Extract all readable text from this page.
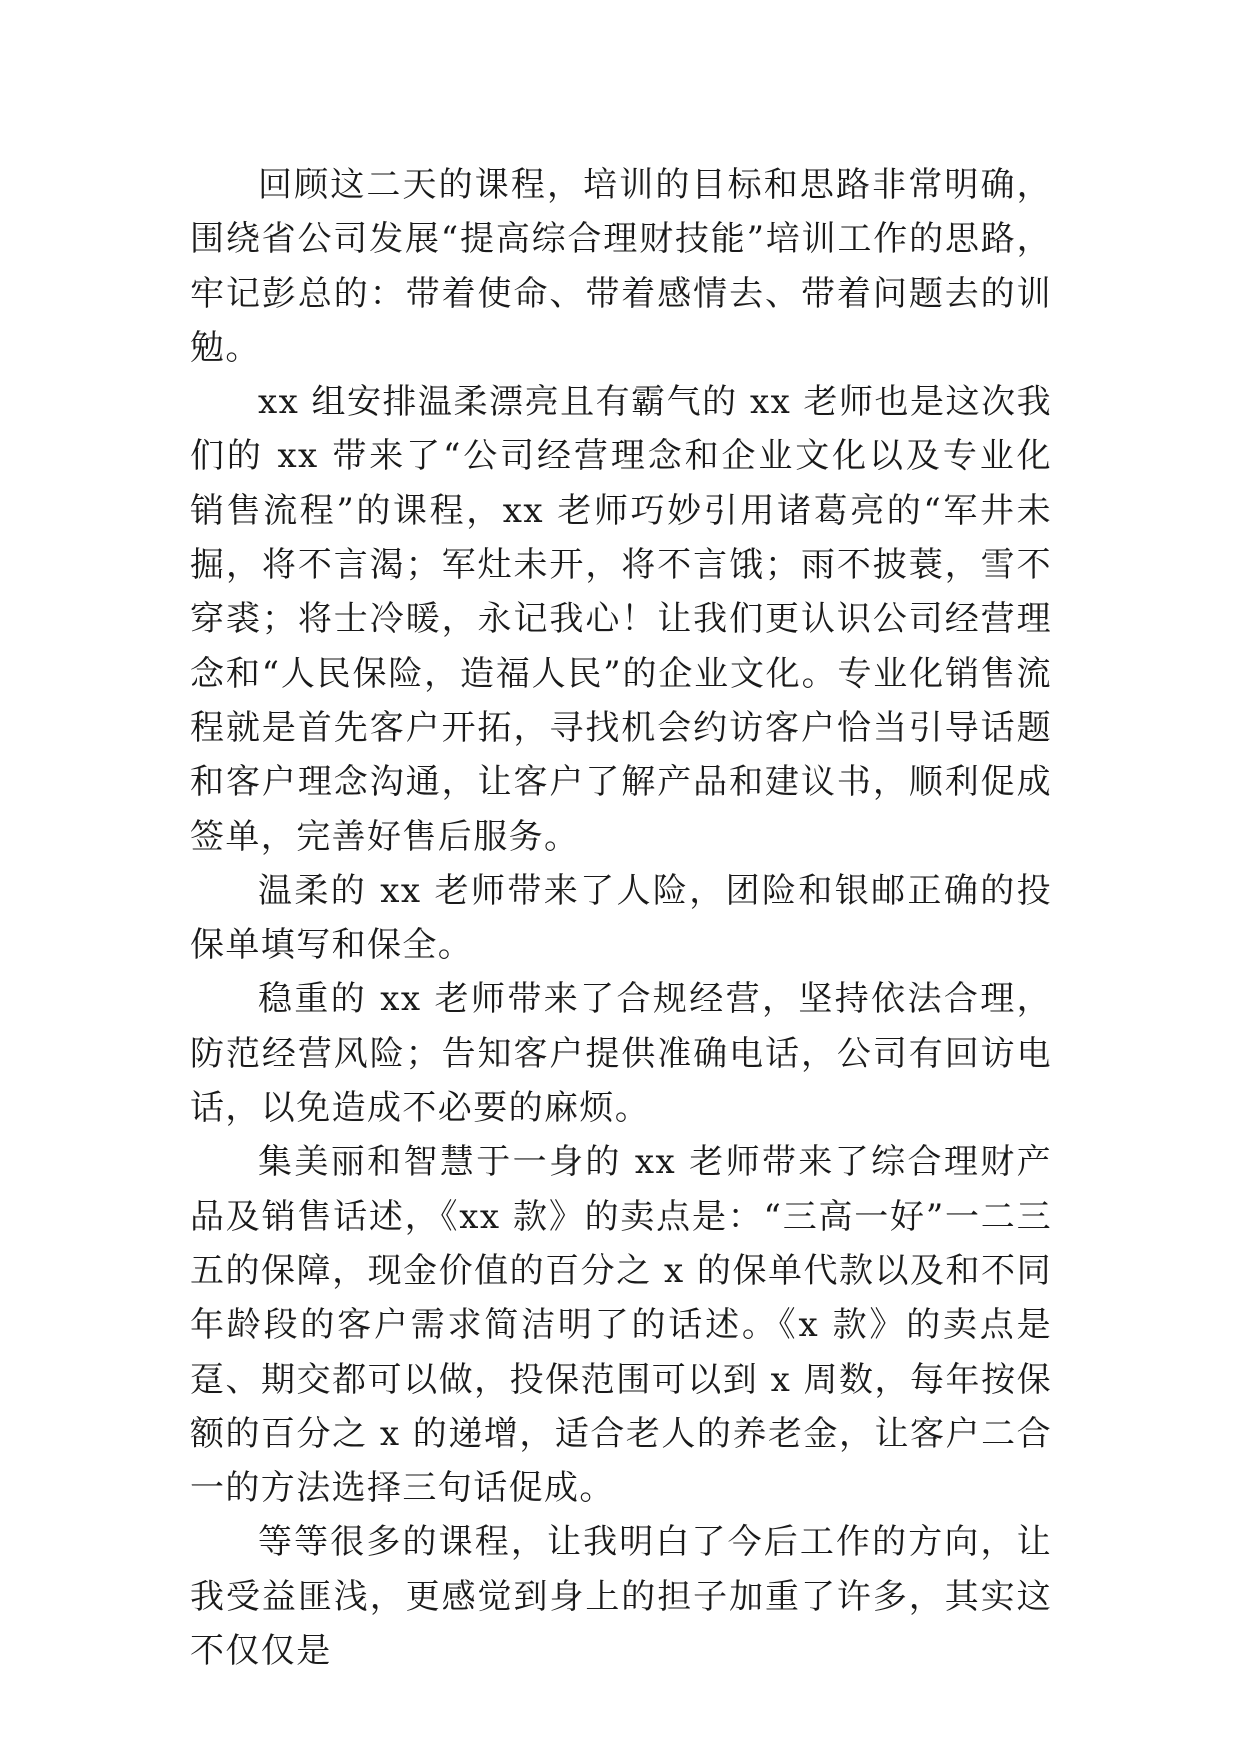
回顾这二天的课程，培训的目标和思路非常明确，围绕省公司发展“提高综合理财技能”培训工作的思路，牢记彭总的：带着使命、带着感情去、带着问题去的训勉。

xx 组安排温柔漂亮且有霸气的 xx 老师也是这次我们的 xx 带来了“公司经营理念和企业文化以及专业化销售流程”的课程，xx 老师巧妙引用诸葛亮的“军井未掘，将不言渴；军灶未开，将不言饿；雨不披蓑，雪不穿裘；将士冷暖，永记我心！让我们更认识公司经营理念和“人民保险，造福人民”的企业文化。专业化销售流程就是首先客户开拓，寻找机会约访客户恰当引导话题和客户理念沟通，让客户了解产品和建议书，顺利促成签单，完善好售后服务。

温柔的 xx 老师带来了人险，团险和银邮正确的投保单填写和保全。

稳重的 xx 老师带来了合规经营，坚持依法合理，防范经营风险；告知客户提供准确电话，公司有回访电话，以免造成不必要的麻烦。

集美丽和智慧于一身的 xx 老师带来了综合理财产品及销售话述，《xx 款》的卖点是：“三高一好”一二三五的保障，现金价值的百分之 x 的保单代款以及和不同年龄段的客户需求简洁明了的话述。《x 款》的卖点是趸、期交都可以做，投保范围可以到 x 周数，每年按保额的百分之 x 的递增，适合老人的养老金，让客户二合一的方法选择三句话促成。

等等很多的课程，让我明白了今后工作的方向，让我受益匪浅，更感觉到身上的担子加重了许多，其实这不仅仅是
